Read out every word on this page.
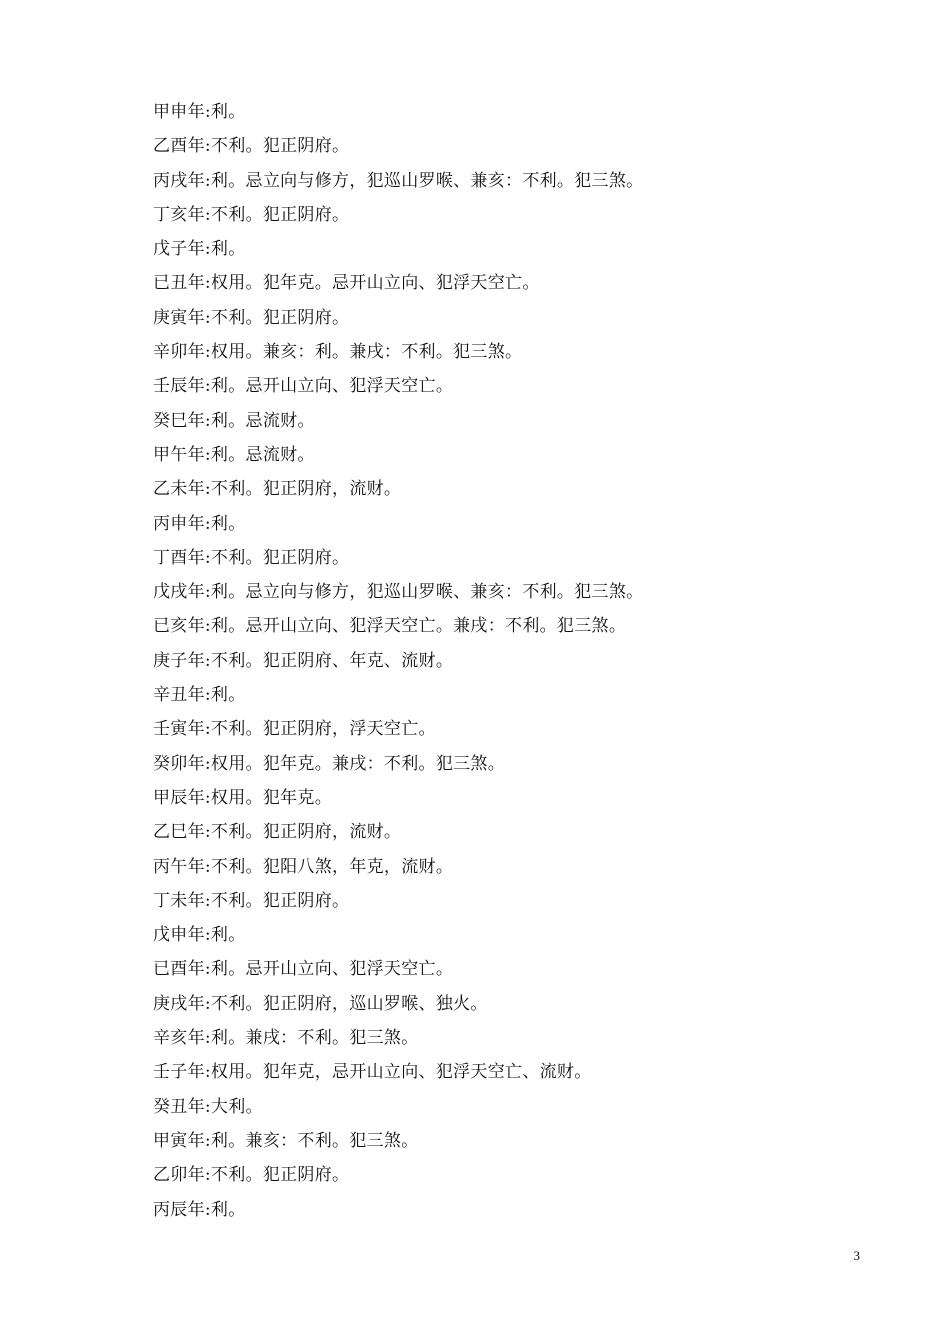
甲申年:利。
乙酉年:不利。犯正阴府。
丙戌年:利。忌立向与修方，犯巡山罗喉、兼亥：不利。犯三煞。
丁亥年:不利。犯正阴府。
戊子年:利。
已丑年:权用。犯年克。忌开山立向、犯浮天空亡。
庚寅年:不利。犯正阴府。
辛卯年:权用。兼亥：利。兼戌：不利。犯三煞。
壬辰年:利。忌开山立向、犯浮天空亡。
癸巳年:利。忌流财。
甲午年:利。忌流财。
乙未年:不利。犯正阴府，流财。
丙申年:利。
丁酉年:不利。犯正阴府。
戊戌年:利。忌立向与修方，犯巡山罗喉、兼亥：不利。犯三煞。
已亥年:利。忌开山立向、犯浮天空亡。兼戌：不利。犯三煞。
庚子年:不利。犯正阴府、年克、流财。
辛丑年:利。
壬寅年:不利。犯正阴府，浮天空亡。
癸卯年:权用。犯年克。兼戌：不利。犯三煞。
甲辰年:权用。犯年克。
乙巳年:不利。犯正阴府，流财。
丙午年:不利。犯阳八煞，年克，流财。
丁未年:不利。犯正阴府。
戊申年:利。
已酉年:利。忌开山立向、犯浮天空亡。
庚戌年:不利。犯正阴府，巡山罗喉、独火。
辛亥年:利。兼戌：不利。犯三煞。
壬子年:权用。犯年克，忌开山立向、犯浮天空亡、流财。
癸丑年:大利。
甲寅年:利。兼亥：不利。犯三煞。
乙卯年:不利。犯正阴府。
丙辰年:利。
3
